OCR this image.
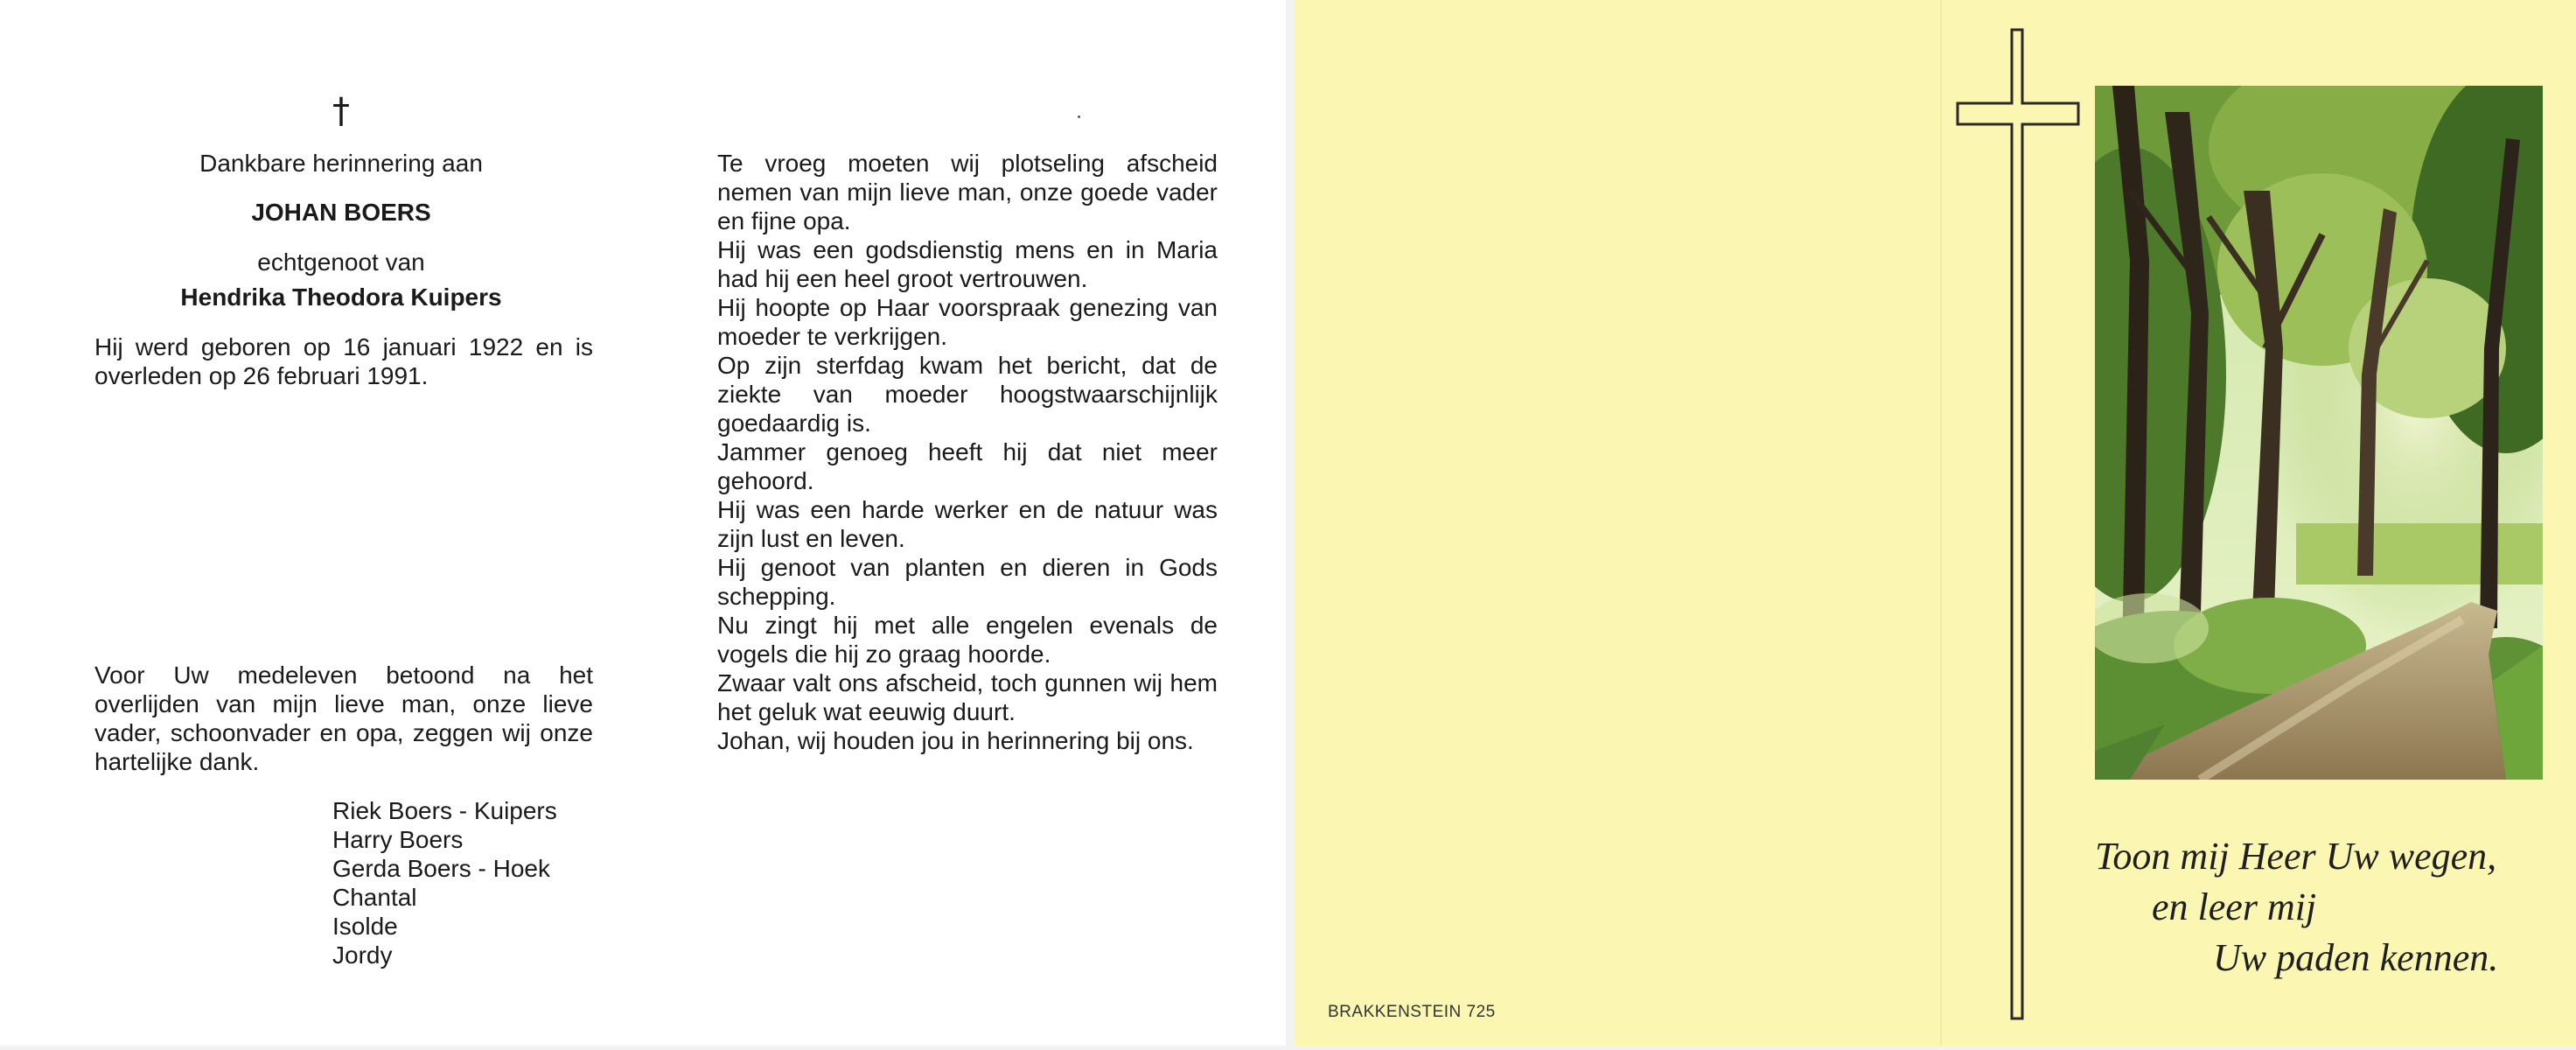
†
Dankbare herinnering aan
JOHAN BOERS
echtgenoot van
Hendrika Theodora Kuipers
Hij werd geboren op 16 januari 1922 en is overleden op 26 februari 1991.
Voor Uw medeleven betoond na het overlijden van mijn lieve man, onze lieve vader, schoonvader en opa, zeggen wij onze hartelijke dank.
Riek Boers - Kuipers
Harry Boers
Gerda Boers - Hoek
Chantal
Isolde
Jordy
Te vroeg moeten wij plotseling afscheid nemen van mijn lieve man, onze goede vader en fijne opa.
Hij was een godsdienstig mens en in Maria had hij een heel groot vertrouwen.
Hij hoopte op Haar voorspraak genezing van moeder te verkrijgen.
Op zijn sterfdag kwam het bericht, dat de ziekte van moeder hoogstwaarschijnlijk goedaardig is.
Jammer genoeg heeft hij dat niet meer gehoord.
Hij was een harde werker en de natuur was zijn lust en leven.
Hij genoot van planten en dieren in Gods schepping.
Nu zingt hij met alle engelen evenals de vogels die hij zo graag hoorde.
Zwaar valt ons afscheid, toch gunnen wij hem het geluk wat eeuwig duurt.
Johan, wij houden jou in herinnering bij ons.
Toon mij Heer Uw wegen,
en leer mij
Uw paden kennen.
BRAKKENSTEIN 725
